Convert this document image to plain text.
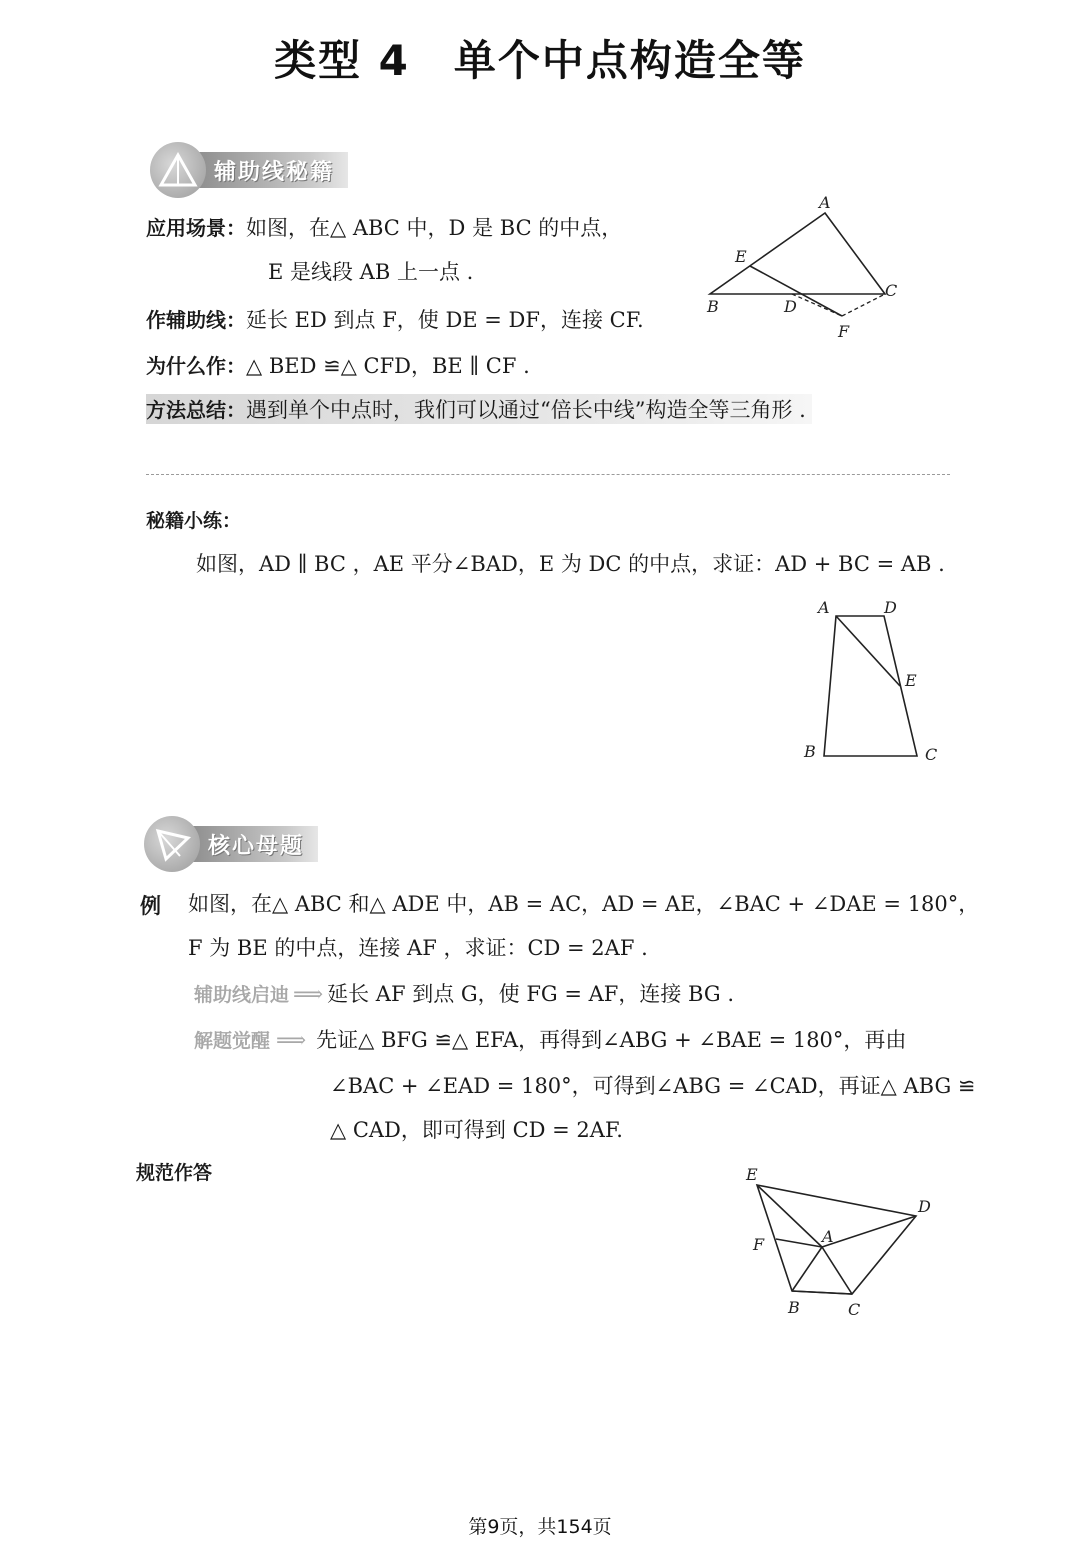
类型 4　单个中点构造全等
辅助线秘籍
应用场景： 如图，在△ ABC 中，D 是 BC 的中点，
E 是线段 AB 上一点 .
作辅助线： 延长 ED 到点 F，使 DE = DF，连接 CF.
为什么作： △ BED ≌△ CFD，BE ∥ CF .
方法总结： 遇到单个中点时，我们可以通过“倍长中线”构造全等三角形 .
A
E
B	D
C
F
秘籍小练：
如图，AD ∥ BC ，AE 平分∠BAD，E 为 DC 的中点，求证：AD + BC = AB .
A	D
E
B	C
核心母题
例 如图，在△ ABC 和△ ADE 中，AB = AC，AD = AE，∠BAC + ∠DAE = 180°，
F 为 BE 的中点，连接 AF ，求证：CD = 2AF .
辅助线启迪 ⟹ 延长 AF 到点 G，使 FG = AF，连接 BG .
解题觉醒 ⟹ 先证△ BFG ≌△ EFA，再得到∠ABG + ∠BAE = 180°，再由
∠BAC + ∠EAD = 180°，可得到∠ABG = ∠CAD，再证△ ABG ≌
△ CAD，即可得到 CD = 2AF.
规范作答	E
D
A
F
B	C
第9页，共154页
